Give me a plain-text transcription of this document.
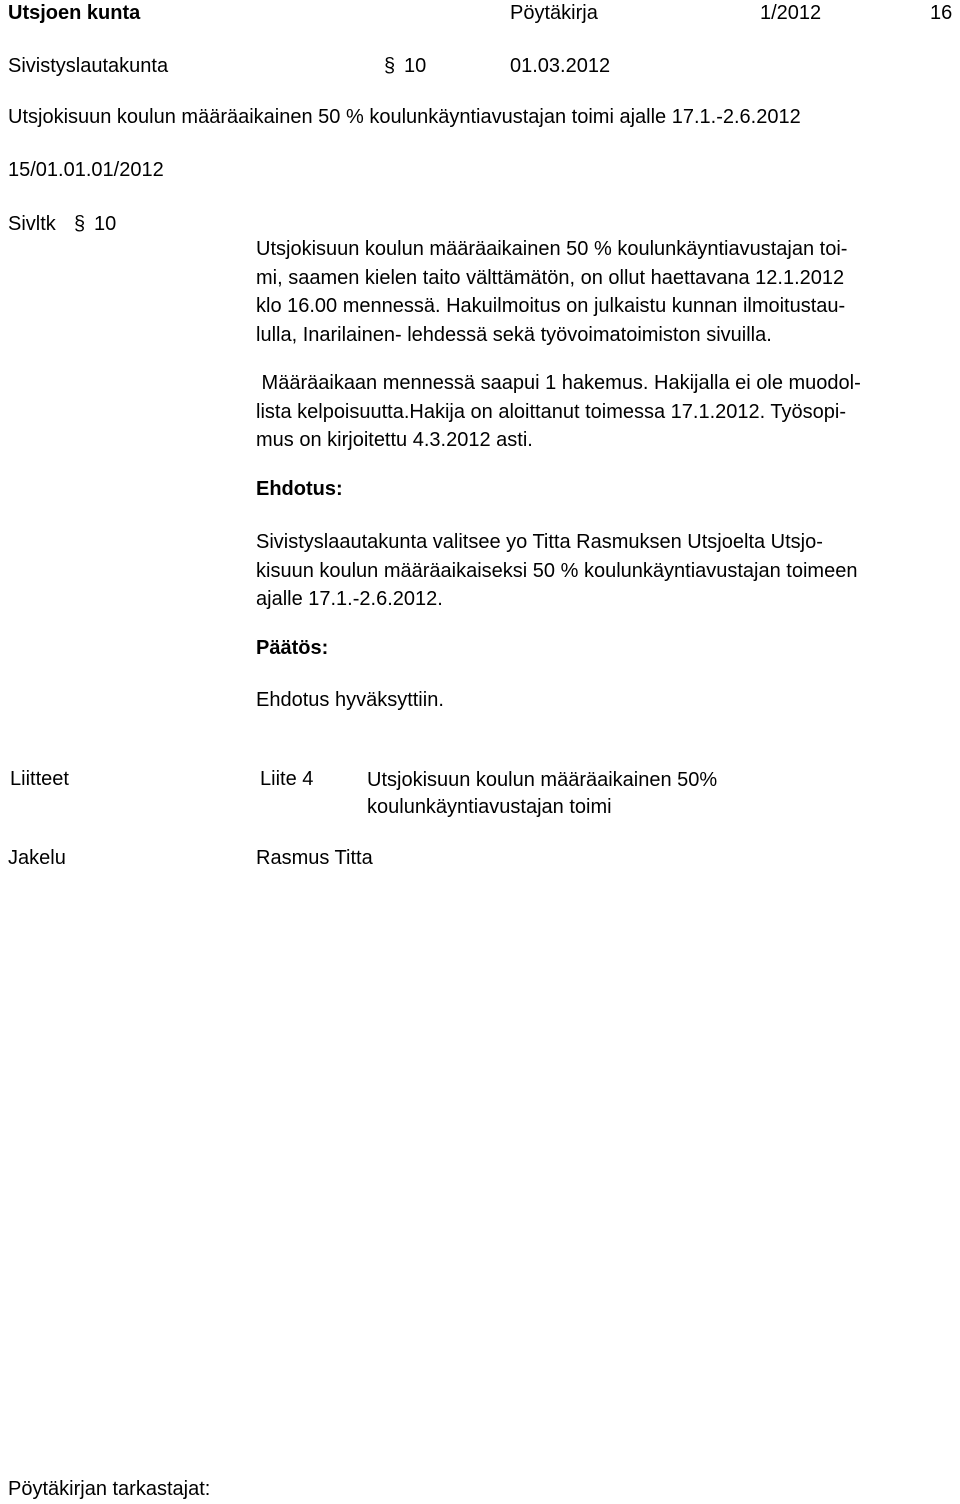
Utsjoen kunta	Pöytäkirja	1/2012	16
Sivistyslautakunta	§ 10	01.03.2012
Utsjokisuun koulun määräaikainen 50 % koulunkäyntiavustajan toimi ajalle 17.1.-2.6.2012
15/01.01.01/2012
Sivltk § 10
Utsjokisuun koulun määräaikainen 50 % koulunkäyntiavustajan toi-
mi, saamen kielen taito välttämätön, on ollut haettavana 12.1.2012
klo 16.00 mennessä. Hakuilmoitus on julkaistu kunnan ilmoitustau-
lulla, Inarilainen- lehdessä sekä työvoimatoimiston sivuilla.
Määräaikaan mennessä saapui 1 hakemus. Hakijalla ei ole muodol-
lista kelpoisuutta.Hakija on aloittanut toimessa 17.1.2012. Työsopi-
mus on kirjoitettu 4.3.2012 asti.
Ehdotus:
Sivistyslaautakunta valitsee yo Titta Rasmuksen Utsjoelta Utsjo-
kisuun koulun määräaikaiseksi 50 % koulunkäyntiavustajan toimeen
ajalle 17.1.-2.6.2012.
Päätös:
Ehdotus hyväksyttiin.
Liitteet	Liite 4	Utsjokisuun koulun määräaikainen 50%
koulunkäyntiavustajan toimi
Jakelu	Rasmus Titta
Pöytäkirjan tarkastajat:
